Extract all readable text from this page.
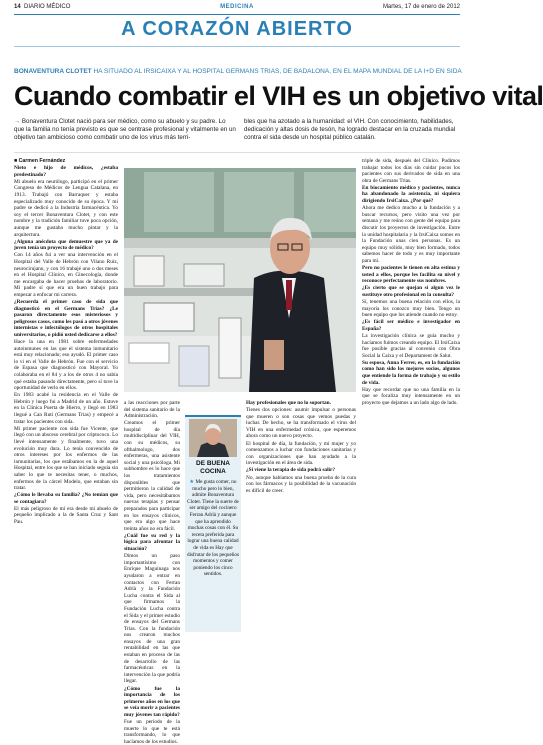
14 DIARIO MÉDICO	MEDICINA	Martes, 17 de enero de 2012
A CORAZÓN ABIERTO
BONAVENTURA CLOTET HA SITUADO AL IRSICAIXA Y AL HOSPITAL GERMANS TRIAS, DE BADALONA, EN EL MAPA MUNDIAL DE LA I+D EN SIDA
Cuando combatir el VIH es un objetivo vital
→ Bonaventura Clotet nació para ser médico, como su abuelo y su padre. Lo que la familia no tenía previsto es que se centrase profesional y vitalmente en un objetivo tan ambicioso como combatir uno de los virus más terri-
bles que ha azotado a la humanidad: el VIH. Con conocimiento, habilidades, dedicación y altas dosis de tesón, ha logrado destacar en la cruzada mundial contra el sida desde un hospital público catalán.

■ Carmen Fernández

Nieto e hijo de médicos, ¿estaba predestinado?

Mi abuelo era neurólogo, participó en el primer Congreso de Médicos de Lengua Catalana, en 1913. Trabajó con Barraquer y estaba especializado muy conocido de su época. Y mi padre se dedicó a la Industria farmacéutica. Yo soy el tercer Bonaventura Clotet, y con este nombre y la tradición familiar tuve poca opción, aunque me gustaba mucho pintar y la arquitectura.

¿Alguna anécdota que demuestre que ya de joven tenía un proyecto de médico?

Con 14 años fui a ver una intervención en el Hospital del Valle de Hebrón con Vilano Ruiz, neurocirujano, y con 16 trabajé uno o dos meses en el Hospital Clínico, en Ginecología, donde me encargaba de hacer pruebas de laboratorio. Mi padre sí que era un buen trabajo para empezar a enfocar mi carrera.

¿Recuerda el primer caso de sida que diagnosticó en el Germans Trias? ¿Le pasaron directamente esos misteriosos y peligrosos casos, como les pasó a otros jóvenes internistas e infectólogos de otros hospitales universitarios, o pidió usted dedicarse a ellos?

Hace la una en 1981 sobre enfermedades autoinmunes en las que el sistema inmunitario está muy relacionado; eso ayudó. El primer caso lo vi en el Valle de Hebrón. Fue con el servicio de Espasa que diagnosticó con Mayoral. Yo colaboraba en el 84 y a los de otros 4 no sabía qué estaba pasando directamente, pero sí tuve la oportunidad de verlo en ellos.

En 1983 acabé la residencia en el Valle de Hebrón y luego fui a Madrid de un año. Estuve en la Clínica Puerta de Hierro, y llegó en 1983 llegué a Can Ruti (Germans Trias) y empecé a tratar los pacientes con sida.

Mi primer paciente con sida fue Vicente, que llegó con un absceso cerebral por criptococo. Lo llevé intensamente y finalmente, tuvo una evolución muy dura. Lo tenía convencido de otros intereses por los enfermos de las inmunitarias, los que estábamos en la de aquel Hospital, entre los que se han iniciado seguía sin saber lo que te necesitas tener, o muchos, enfermos de la cárcel Modelo, que estaban sin tratar.

¿Cómo le llevaba su familia? ¿No temían que se contagiara?

El más peligroso de mí era desde mi abuelo de pequeño implicado a la de Santa Cruz y Sant Pau.

a las reacciones por parte del sistema sanitario de la Administración.

Creamos el primer hospital de día multidisciplinar del VIH, con su médicos, su ofthalmologo, dos enfermeras, una asistente social y una psicóloga. Mi subhombre es lo hace que los tratamientos disponibles que permitieron la calidad de vida, pero necesitábamos nuevas terapias y pensar preparados para participar en los ensayos clínicos, que era algo que hace treinta años no era fácil.

¿Cuál fue su red y la lógica para afrontar la situación?

Dimos un paso importantísimo con Enrique Maguinaga nos ayudaron a entrar en contactos con Ferran Adrià y la Fundación Lucha contra el Sida al que firmamos la Fundación Lucha contra el Sida y el primer estudio de ensayos del Germans Trias. Con la fundación nos crearon muchos ensayos de una gran rentabilidad en las que estaban en proceso de las de desarrollo de las farmacéuticas en la intervención la que podría llegar.

¿Cómo fue la importancia de los primeros años en los que se veía morir a pacientes muy jóvenes tan rápido?

Fue un período de la muerte lo que te está transformando, lo que hacíamos de los estudios.

DE BUENA COCINA
★ Me gusta comer, no mucho pero lo bien, admite Bonaventura Clotet. Tiene la suerte de ser amigo del cocinero Ferran Adrià y aunque que ha aprendido muchas cosas con él. Su receta preferida para lograr una buena calidad de vida es Hay que disfrutar de los pequeños momentos y comer poniendo los cinco sentidos.

Hay profesionales que no lo soportan.

Tienes dos opciones: asumir impulsar o personas que mueren o son cosas que vemos puedas y luchar. De hecho, se ha transformado el virus del VIH en una enfermedad crónica, que esperemos ahora como un nuevo proyecto.

El hospital de día, la fundación, y mi mujer y yo comenzamos a luchar con fundaciones sanitarias y con organizaciones que han ayudado a la investigación en el área de sida.

¿Si viene la terapia de sida podrá salir?

No, aunque habíamos una buena prueba de la cura con los fármacos y la posibilidad de la vacunación es difícil de creer.

triple de sida, después del Clínico. Pudimos trabajar todos los días sin cuidar pocos los pacientes con sus derivados de sida en una obra de Germans Trias.

En biocamiento médico y pacientes, nunca ha abandonado la asistencia, ni siquiera dirigiendo IrsiCaixa. ¿Por qué?

Ahora me dedico mucho a la fundación y a buscar recursos, pero visito una vez por semana y me reúno con gente del equipo para discutir los proyectos de investigación. Entre la unidad hospitalaria y la IrsiCaixa somos en la Fundación unas cien personas. Es un equipo muy sólido, muy bien formado, todos sabemos hacer de todo y es muy importante para mí.

Pero no pacientes le tienen en alta estima y usted a ellos, porque les facilita su nivel y reconoce perfectamente sus nombres.

¿Es cierto que se quejan si algun vez le sustituye otro profesional en la consulta?

Sí, tenemos una buena relación con ellos, la mayoría los conozco muy bien. Tengo un buen equipo que los atiende cuando no estoy.

¿Es fácil ser médico e investigador en España?

La investigación clínica se guía mucho y hacíamos fuimos creando equipo. El IrsiCaixa fue posible gracias al convenio con Obra Social la Caixa y el Departament de Salut.

Su esposa, Anna Ferrer, es, en la fundación como han sido los mejores socios, algunos que entiende la forma de trabajo y su estilo de vida.

Hay que recordar que no una familia en la que se focaliza muy intensamente en un proyecto que dejamos a un lado algo de lado.
